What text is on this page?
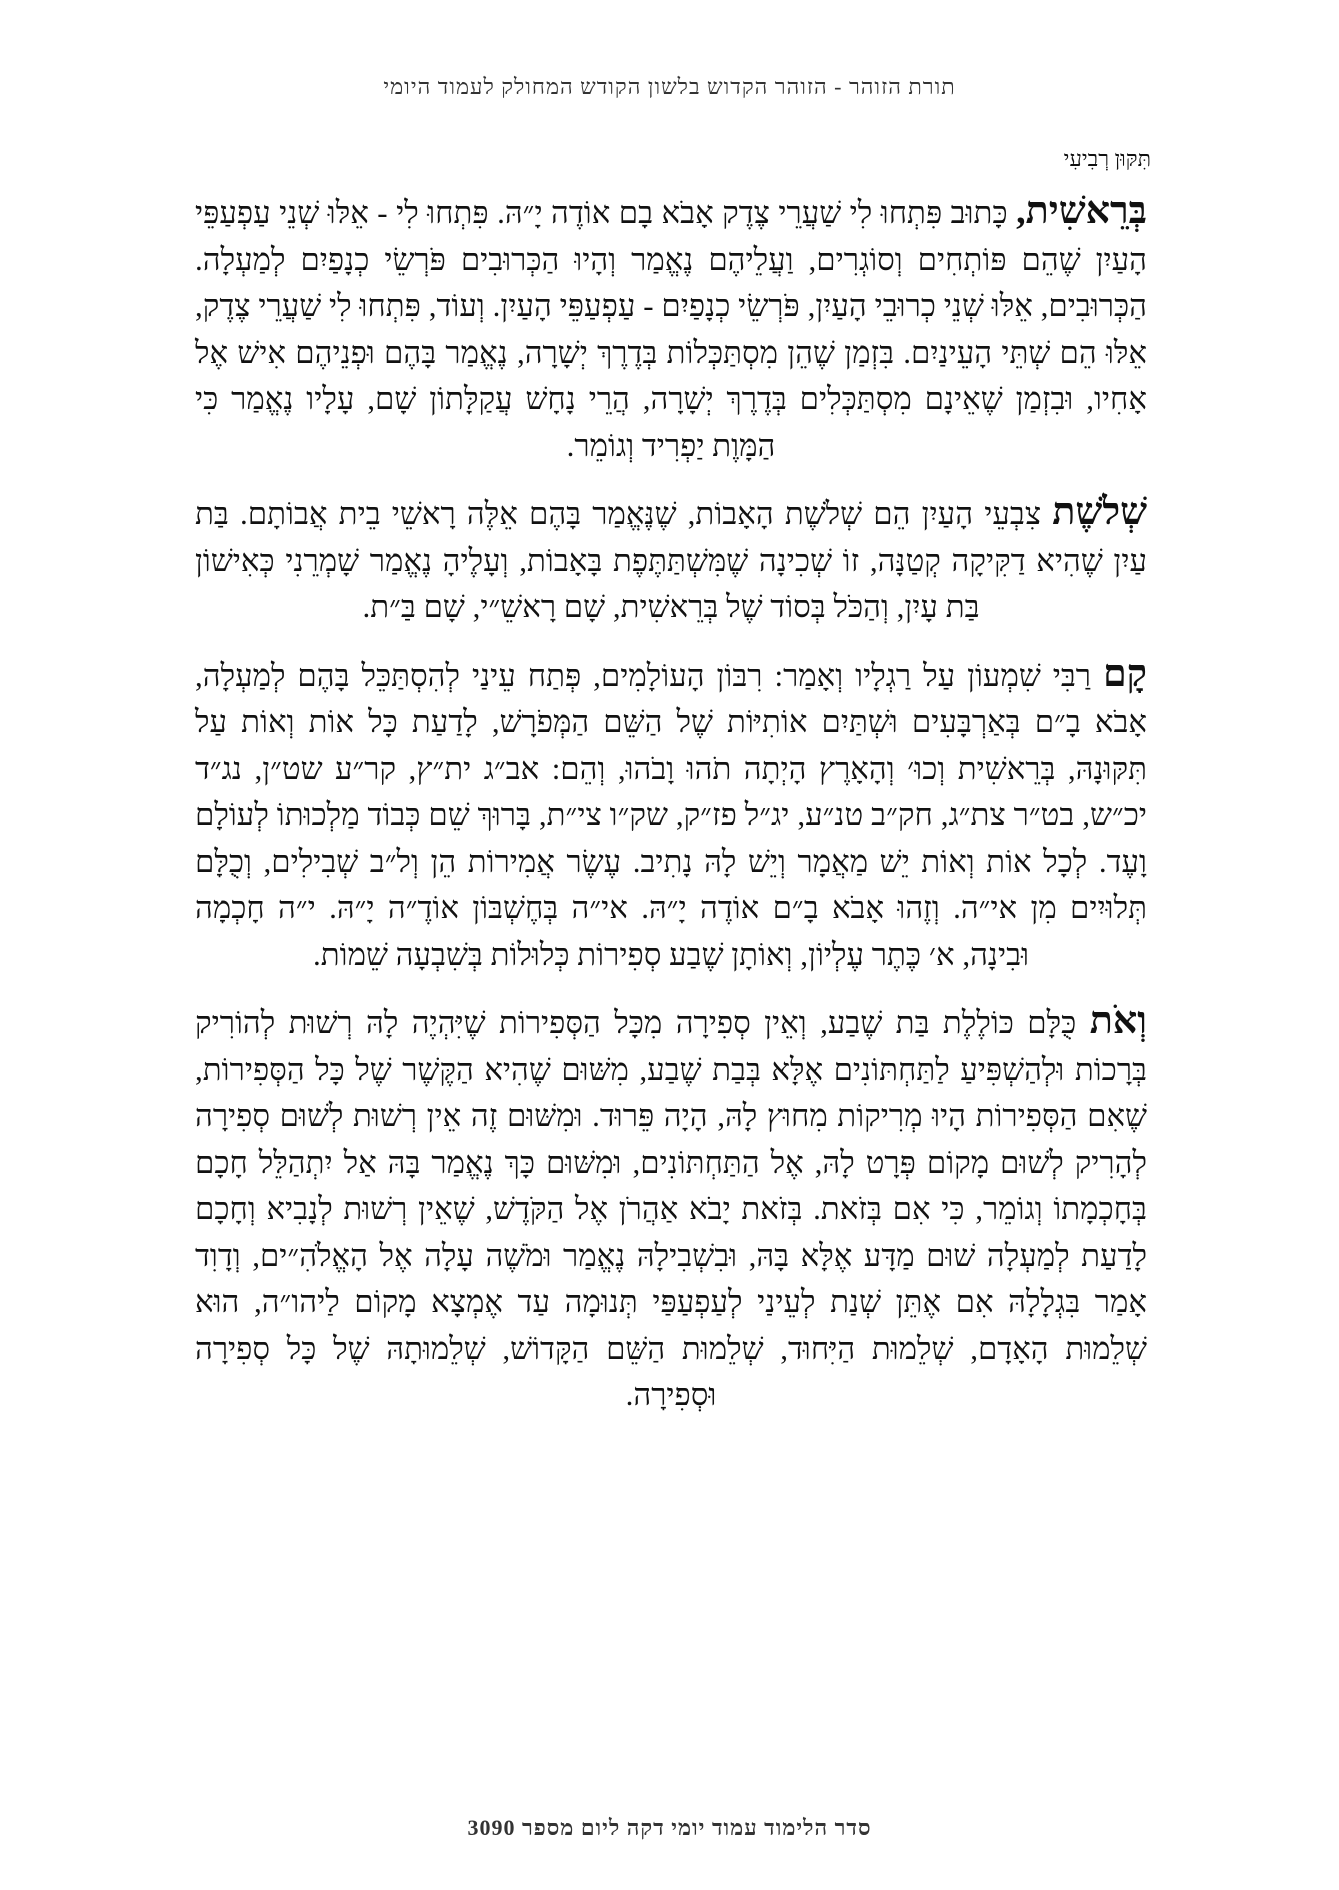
תורת הזוהר - הזוהר הקדוש בלשון הקודש המחולק לעמוד היומי
תִּקּוּן רְבִיעִי

בְּרֵאשִׁית, כָּתוּב פִּתְחוּ לִי שַׁעֲרֵי צֶדֶק אָבֹא בָם אוֹדֶה יָ״הּ. פִּתְחוּ לִי - אֵלּוּ שְׁנֵי עַפְעַפֵּי הָעַיִן שֶׁהֵם פּוֹתְחִים וְסוֹגְרִים, וַעֲלֵיהֶם נֶאֱמַר וְהָיוּ הַכְּרוּבִים פֹּרְשֵׂי כְנָפַיִם לְמַעְלָה. הַכְּרוּבִים, אֵלּוּ שְׁנֵי כְרוּבֵי הָעַיִן, פֹּרְשֵׂי כְנָפַיִם - עַפְעַפֵּי הָעַיִן. וְעוֹד, פִּתְחוּ לִי שַׁעֲרֵי צֶדֶק, אֵלּוּ הֵם שְׁתֵּי הָעֵינַיִם. בִּזְמַן שֶׁהֵן מִסְתַּכְּלוֹת בְּדֶרֶךְ יְשָׁרָה, נֶאֱמַר בָּהֶם וּפְנֵיהֶם אִישׁ אֶל אָחִיו, וּבִזְמַן שֶׁאֵינָם מִסְתַּכְּלִים בְּדֶרֶךְ יְשָׁרָה, הֲרֵי נָחָשׁ עֲקַלָּתוֹן שָׁם, עָלָיו נֶאֱמַר כִּי הַמָּוֶת יַפְרִיד וְגוֹמֵר.

שְׁלֹשֶׁת צִבְעֵי הָעַיִן הֵם שְׁלֹשֶׁת הָאָבוֹת, שֶׁנֶּאֱמַר בָּהֶם אֵלֶּה רָאשֵׁי בֵית אֲבוֹתָם. בַּת עַיִן שֶׁהִיא דַקִּיקָה קְטַנָּה, זוֹ שְׁכִינָה שֶׁמִּשְׁתַּתֶּפֶת בָּאָבוֹת, וְעָלֶיהָ נֶאֱמַר שָׁמְרֵנִי כְּאִישׁוֹן בַּת עָיִן, וְהַכֹּל בְּסוֹד שֶׁל בְּרֵאשִׁית, שָׁם רָאשֵׁ״י, שָׁם בַּ״ת.

קָם רַבִּי שִׁמְעוֹן עַל רַגְלָיו וְאָמַר: רִבּוֹן הָעוֹלָמִים, פְּתַח עֵינַי לְהִסְתַּכֵּל בָּהֶם לְמַעְלָה, אָבֹא בָ״ם בְּאַרְבָּעִים וּשְׁתַּיִם אוֹתִיּוֹת שֶׁל הַשֵּׁם הַמְּפֹרָשׁ, לָדַעַת כָּל אוֹת וְאוֹת עַל תִּקּוּנָהּ, בְּרֵאשִׁית וְכוּ׳ וְהָאָרֶץ הָיְתָה תֹהוּ וָבֹהוּ, וְהֵם: אב״ג ית״ץ, קר״ע שט״ן, נג״ד יכ״ש, בט״ר צת״ג, חק״ב טנ״ע, יג״ל פז״ק, שק״ו צי״ת, בָּרוּךְ שֵׁם כְּבוֹד מַלְכוּתוֹ לְעוֹלָם וָעֶד. לְכָל אוֹת וְאוֹת יֵשׁ מַאֲמָר וְיֵשׁ לָהּ נָתִיב. עֶשֶׂר אֲמִירוֹת הֵן וְל״ב שְׁבִילִים, וְכֻלָּם תְּלוּיִים מִן אי״ה. וְזֶהוּ אָבֹא בָ״ם אוֹדֶה יָ״הּ. אי״ה בְּחֶשְׁבּוֹן אוֹדֶ״ה יָ״הּ. י״ה חָכְמָה וּבִינָה, א׳ כֶּתֶר עֶלְיוֹן, וְאוֹתָן שֶׁבַע סְפִירוֹת כְּלוּלוֹת בְּשִׁבְעָה שֵׁמוֹת.

וְאֹת כֻּלָּם כּוֹלֶלֶת בַּת שֶׁבַע, וְאֵין סְפִירָה מִכָּל הַסְּפִירוֹת שֶׁיִּהְיֶה לָהּ רְשׁוּת לְהוֹרִיק בְּרָכוֹת וּלְהַשְׁפִּיעַ לַתַּחְתּוֹנִים אֶלָּא בְּבַת שֶׁבַע, מִשּׁוּם שֶׁהִיא הַקֶּשֶׁר שֶׁל כָּל הַסְּפִירוֹת, שֶׁאִם הַסְּפִירוֹת הָיוּ מְרִיקוֹת מִחוּץ לָהּ, הָיָה פֵּרוּד. וּמִשּׁוּם זֶה אֵין רְשׁוּת לְשׁוּם סְפִירָה לְהָרִיק לְשׁוּם מָקוֹם פְּרָט לָהּ, אֶל הַתַּחְתּוֹנִים, וּמִשּׁוּם כָּךְ נֶאֱמַר בָּהּ אַל יִתְהַלֵּל חָכָם בְּחָכְמָתוֹ וְגוֹמֵר, כִּי אִם בְּזֹאת. בְּזֹאת יָבֹא אַהֲרֹן אֶל הַקֹּדֶשׁ, שֶׁאֵין רְשׁוּת לְנָבִיא וְחָכָם לָדַעַת לְמַעְלָה שׁוּם מַדָּע אֶלָּא בָּהּ, וּבִשְׁבִילָהּ נֶאֱמַר וּמֹשֶׁה עָלָה אֶל הָאֱלֹהִ״ים, וְדָוִד אָמַר בִּגְלָלָהּ אִם אֶתֵּן שְׁנַת לְעֵינַי לְעַפְעַפַּי תְּנוּמָה עַד אֶמְצָא מָקוֹם לַיהו״ה, הוּא שְׁלֵמוּת הָאָדָם, שְׁלֵמוּת הַיִּחוּד, שְׁלֵמוּת הַשֵּׁם הַקָּדוֹשׁ, שְׁלֵמוּתָהּ שֶׁל כָּל סְפִירָה וּסְפִירָה.

סדר הלימוד עמוד יומי דקה ליום מספר 3090
